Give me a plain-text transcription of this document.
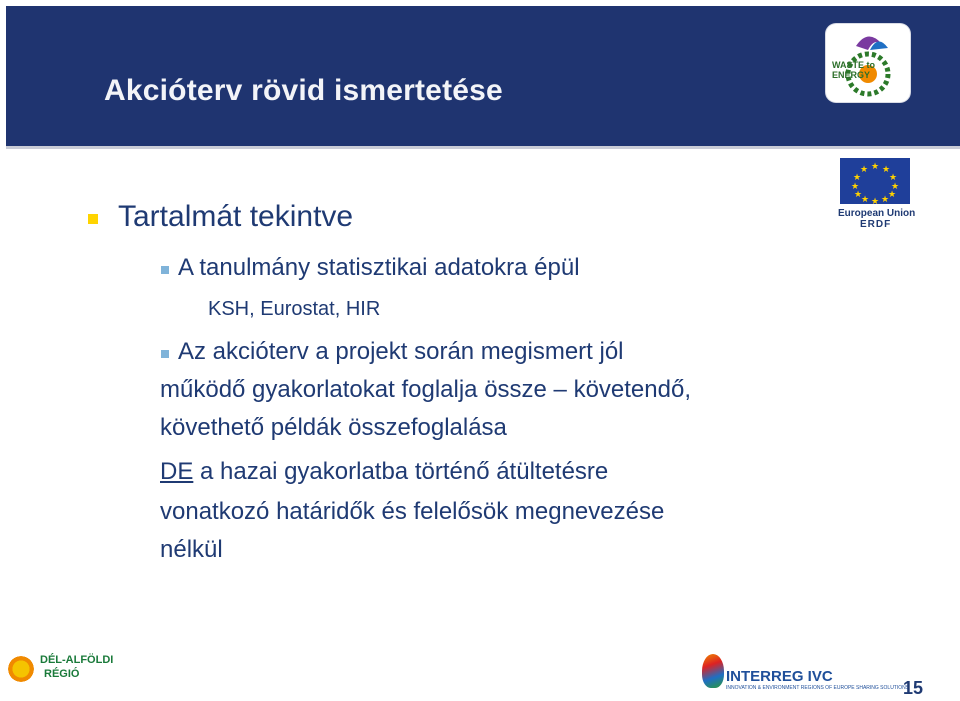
Akcióterv rövid ismertetése
WASTE to ENERGY
★ ★
★
★
★
★
★
★
★
★
★
★
European Union
ERDF
Tartalmát tekintve
A tanulmány statisztikai adatokra épül
KSH, Eurostat, HIR
Az akcióterv a projekt során megismert jól
működő gyakorlatokat foglalja össze – követendő,
követhető példák összefoglalása
DE a hazai gyakorlatba történő átültetésre
vonatkozó határidők és felelősök megnevezése
nélkül
DÉL-ALFÖLDI
RÉGIÓ	INTERREG IVC
INNOVATION & ENVIRONMENT REGIONS OF EUROPE SHARING SOLUTIONS
15
